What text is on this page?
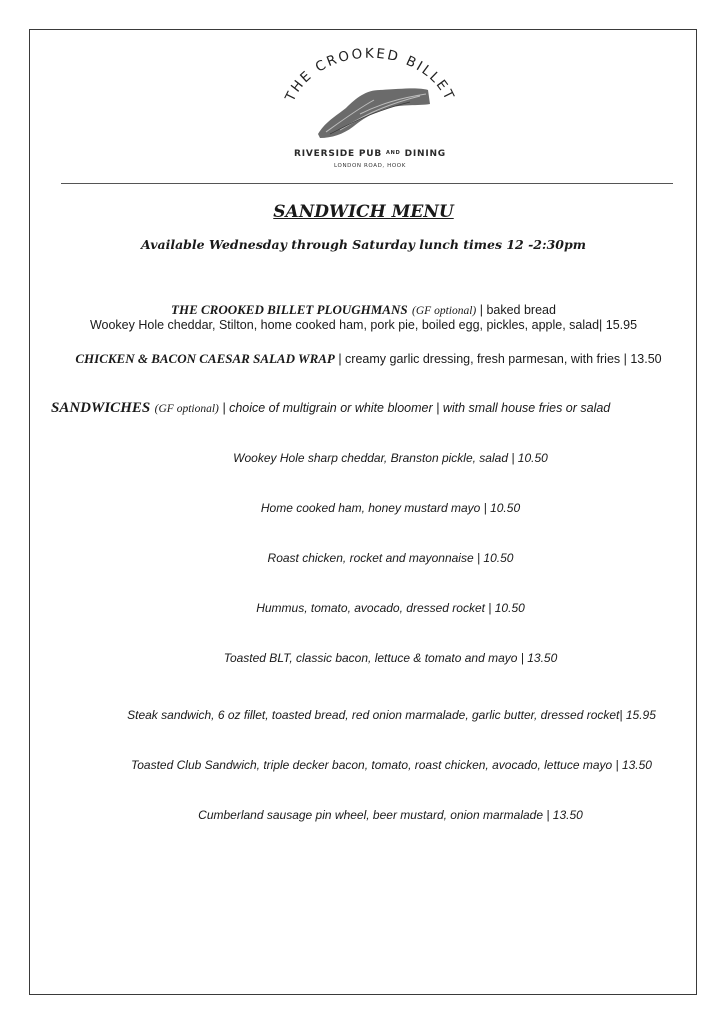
THE CROOKED BILLET
RIVERSIDE PUB $^{AND}$ DINING
LONDON ROAD, HOOK
SANDWICH MENU
Available Wednesday through Saturday lunch times 12 -2:30pm
THE CROOKED BILLET PLOUGHMANS (GF optional) | baked bread
Wookey Hole cheddar, Stilton, home cooked ham, pork pie, boiled egg, pickles, apple, salad| 15.95
CHICKEN & BACON CAESAR SALAD WRAP | creamy garlic dressing, fresh parmesan, with fries | 13.50
SANDWICHES (GF optional) | choice of multigrain or white bloomer | with small house fries or salad
Wookey Hole sharp cheddar, Branston pickle, salad | 10.50
Home cooked ham, honey mustard mayo | 10.50
Roast chicken, rocket and mayonnaise | 10.50
Hummus, tomato, avocado, dressed rocket | 10.50
Toasted BLT, classic bacon, lettuce & tomato and mayo | 13.50
Steak sandwich, 6 oz fillet, toasted bread, red onion marmalade, garlic butter, dressed rocket| 15.95
Toasted Club Sandwich, triple decker bacon, tomato, roast chicken, avocado, lettuce mayo | 13.50
Cumberland sausage pin wheel, beer mustard, onion marmalade | 13.50
